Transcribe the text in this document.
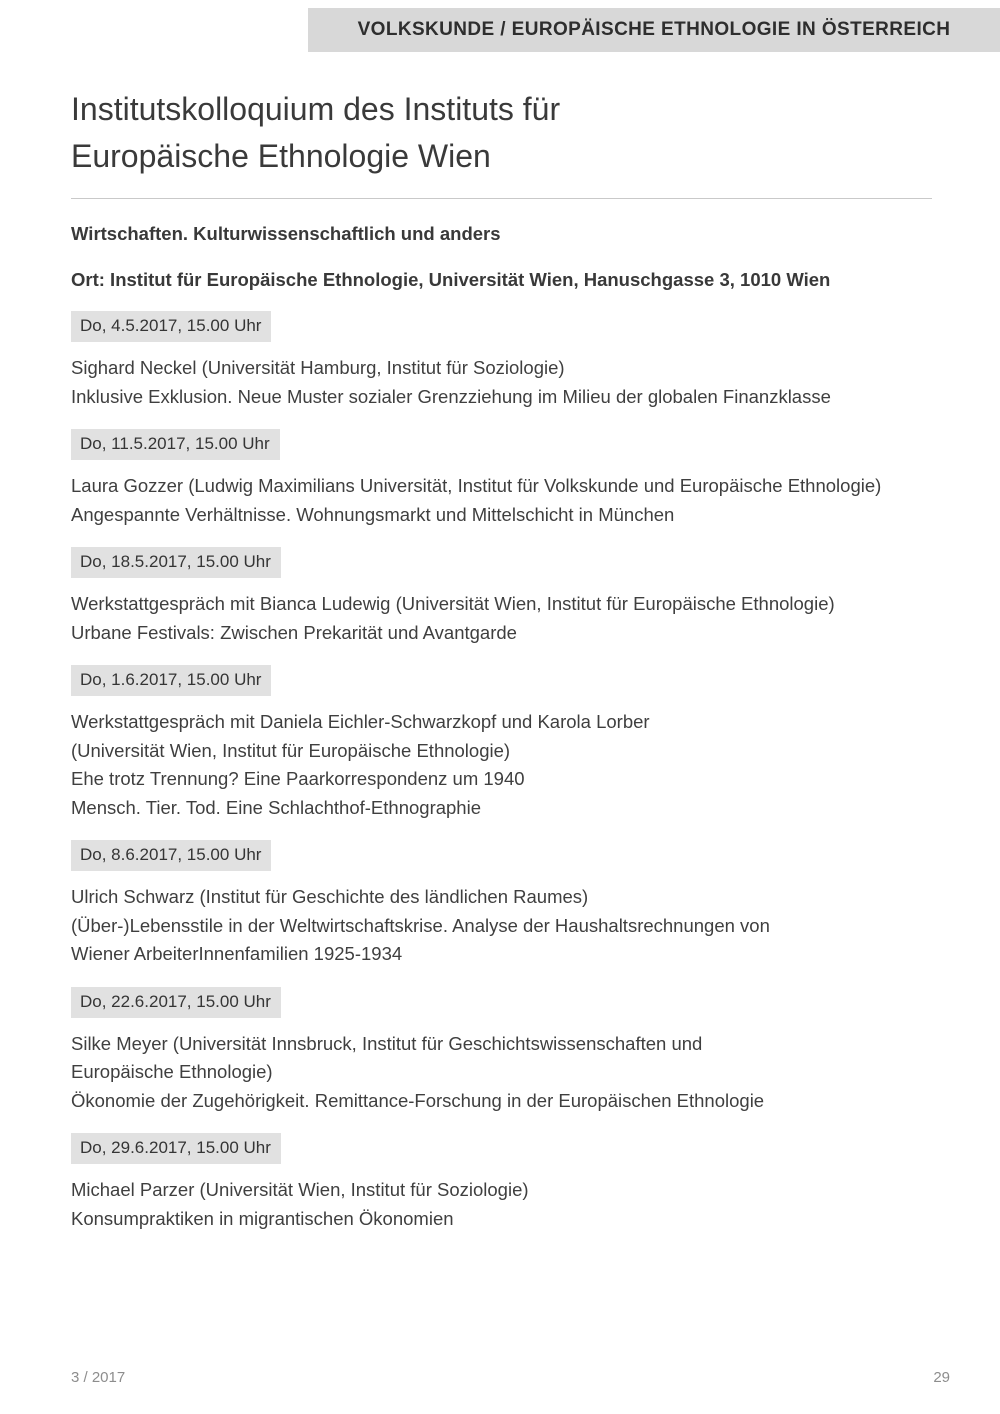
VOLKSKUNDE / EUROPÄISCHE ETHNOLOGIE IN ÖSTERREICH
Institutskolloquium des Instituts für
Europäische Ethnologie Wien
Wirtschaften. Kulturwissenschaftlich und anders
Ort: Institut für Europäische Ethnologie, Universität Wien, Hanuschgasse 3, 1010 Wien
Do, 4.5.2017, 15.00 Uhr
Sighard Neckel (Universität Hamburg, Institut für Soziologie)
Inklusive Exklusion. Neue Muster sozialer Grenzziehung im Milieu der globalen Finanzklasse
Do, 11.5.2017, 15.00 Uhr
Laura Gozzer (Ludwig Maximilians Universität, Institut für Volkskunde und Europäische Ethnologie)
Angespannte Verhältnisse. Wohnungsmarkt und Mittelschicht in München
Do, 18.5.2017, 15.00 Uhr
Werkstattgespräch mit Bianca Ludewig (Universität Wien, Institut für Europäische Ethnologie)
Urbane Festivals: Zwischen Prekarität und Avantgarde
Do, 1.6.2017, 15.00 Uhr
Werkstattgespräch mit Daniela Eichler-Schwarzkopf und Karola Lorber
(Universität Wien, Institut für Europäische Ethnologie)
Ehe trotz Trennung? Eine Paarkorrespondenz um 1940
Mensch. Tier. Tod. Eine Schlachthof-Ethnographie
Do, 8.6.2017, 15.00 Uhr
Ulrich Schwarz (Institut für Geschichte des ländlichen Raumes)
(Über-)Lebensstile in der Weltwirtschaftskrise. Analyse der Haushaltsrechnungen von
Wiener ArbeiterInnenfamilien 1925-1934
Do, 22.6.2017, 15.00 Uhr
Silke Meyer (Universität Innsbruck, Institut für Geschichtswissenschaften und
Europäische Ethnologie)
Ökonomie der Zugehörigkeit. Remittance-Forschung in der Europäischen Ethnologie
Do, 29.6.2017, 15.00 Uhr
Michael Parzer (Universität Wien, Institut für Soziologie)
Konsumpraktiken in migrantischen Ökonomien
3 / 2017	29
